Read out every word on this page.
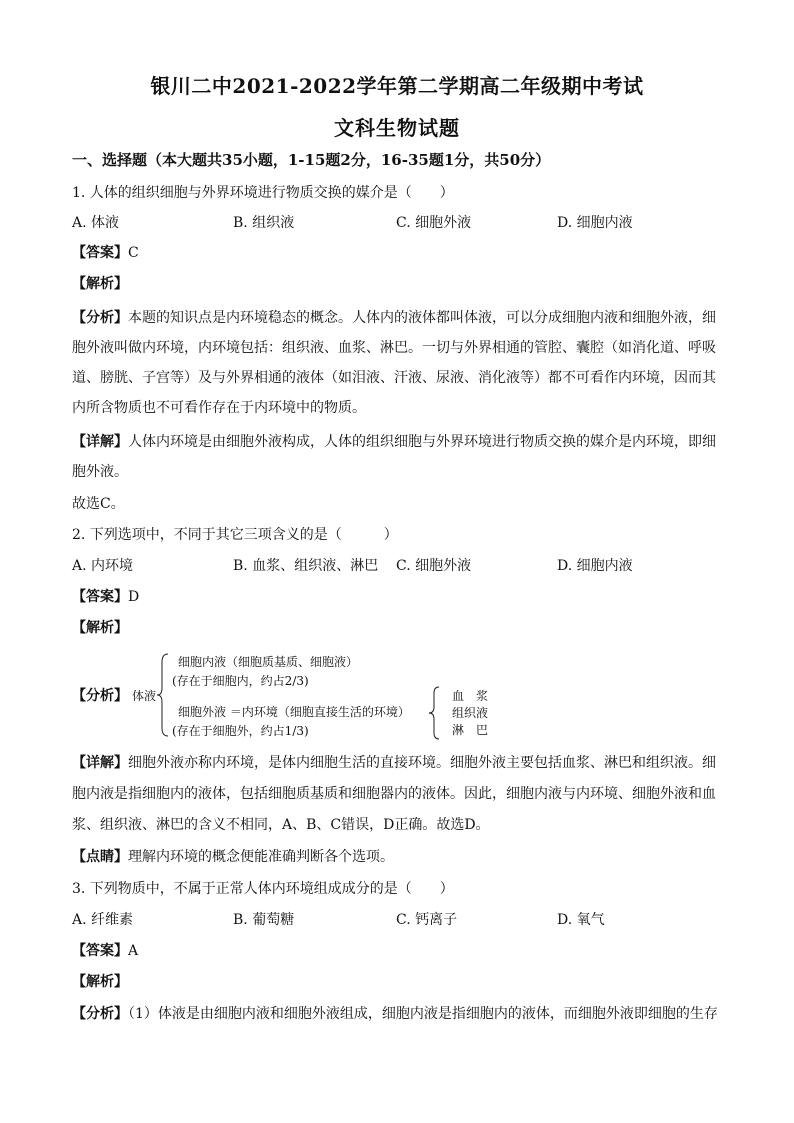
银川二中2021-2022学年第二学期高二年级期中考试
文科生物试题
一、选择题（本大题共35小题，1-15题2分，16-35题1分，共50分）
1. 人体的组织细胞与外界环境进行物质交换的媒介是（　　）
A. 体液	B. 组织液	C. 细胞外液	D. 细胞内液
【答案】C
【解析】
【分析】本题的知识点是内环境稳态的概念。人体内的液体都叫体液，可以分成细胞内液和细胞外液，细
胞外液叫做内环境，内环境包括：组织液、血浆、淋巴。一切与外界相通的管腔、囊腔（如消化道、呼吸
道、膀胱、子宫等）及与外界相通的液体（如泪液、汗液、尿液、消化液等）都不可看作内环境，因而其
内所含物质也不可看作存在于内环境中的物质。
【详解】人体内环境是由细胞外液构成，人体的组织细胞与外界环境进行物质交换的媒介是内环境，即细
胞外液。
故选C。
2. 下列选项中，不同于其它三项含义的是（　　　）
A. 内环境	B. 血浆、组织液、淋巴 C. 细胞外液	D. 细胞内液
【答案】D
【解析】
【分析】 体液
细胞内液（细胞质基质、细胞液）
(存在于细胞内，约占2/3)
细胞外液 ＝内环境（细胞直接生活的环境）
(存在于细胞外，约占1/3)
血　浆
组织液
淋　巴
【详解】细胞外液亦称内环境，是体内细胞生活的直接环境。细胞外液主要包括血浆、淋巴和组织液。细
胞内液是指细胞内的液体，包括细胞质基质和细胞器内的液体。因此，细胞内液与内环境、细胞外液和血
浆、组织液、淋巴的含义不相同，A、B、C错误，D正确。故选D。
【点睛】理解内环境的概念便能准确判断各个选项。
3. 下列物质中，不属于正常人体内环境组成成分的是（　　）
A. 纤维素	B. 葡萄糖	C. 钙离子	D. 氧气
【答案】A
【解析】
【分析】（1）体液是由细胞内液和细胞外液组成，细胞内液是指细胞内的液体，而细胞外液即细胞的生存
